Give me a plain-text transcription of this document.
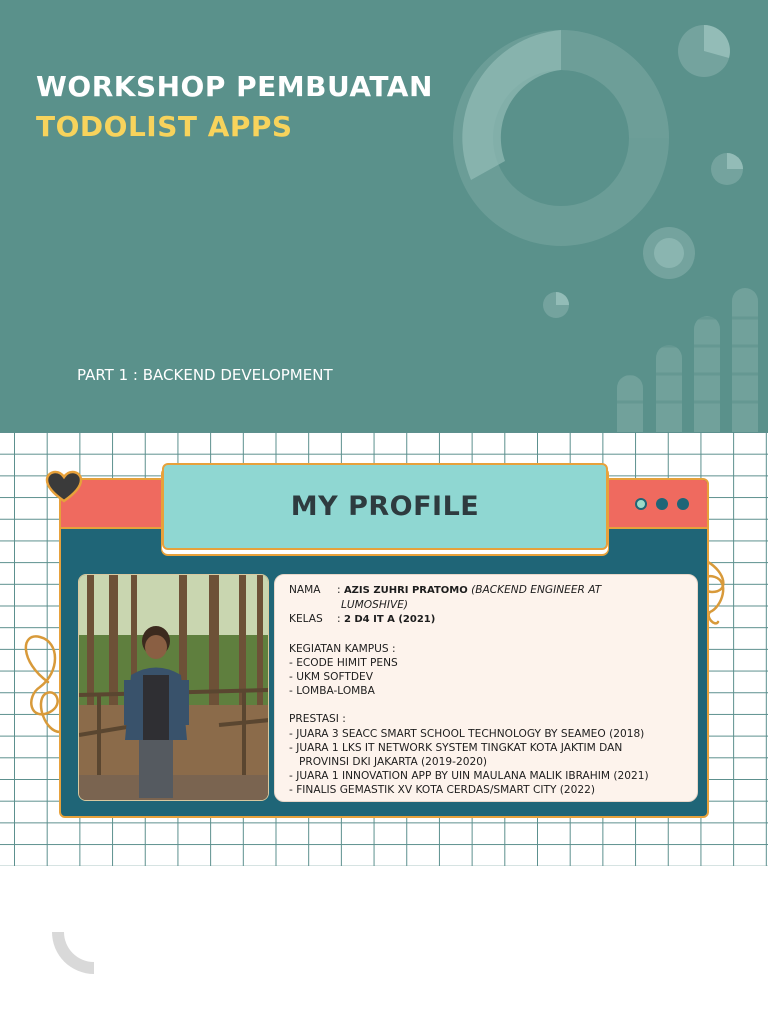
WORKSHOP PEMBUATAN
TODOLIST APPS
PART 1 : BACKEND DEVELOPMENT
MY PROFILE
NAMA : AZIS ZUHRI PRATOMO (BACKEND ENGINEER AT
LUMOSHIVE)
KELAS : 2 D4 IT A (2021)
KEGIATAN KAMPUS :
- ECODE HIMIT PENS
- UKM SOFTDEV
- LOMBA-LOMBA
PRESTASI :
- JUARA 3 SEACC SMART SCHOOL TECHNOLOGY BY SEAMEO (2018)
- JUARA 1 LKS IT NETWORK SYSTEM TINGKAT KOTA JAKTIM DAN
PROVINSI DKI JAKARTA (2019-2020)
- JUARA 1 INNOVATION APP BY UIN MAULANA MALIK IBRAHIM (2021)
- FINALIS GEMASTIK XV KOTA CERDAS/SMART CITY (2022)
